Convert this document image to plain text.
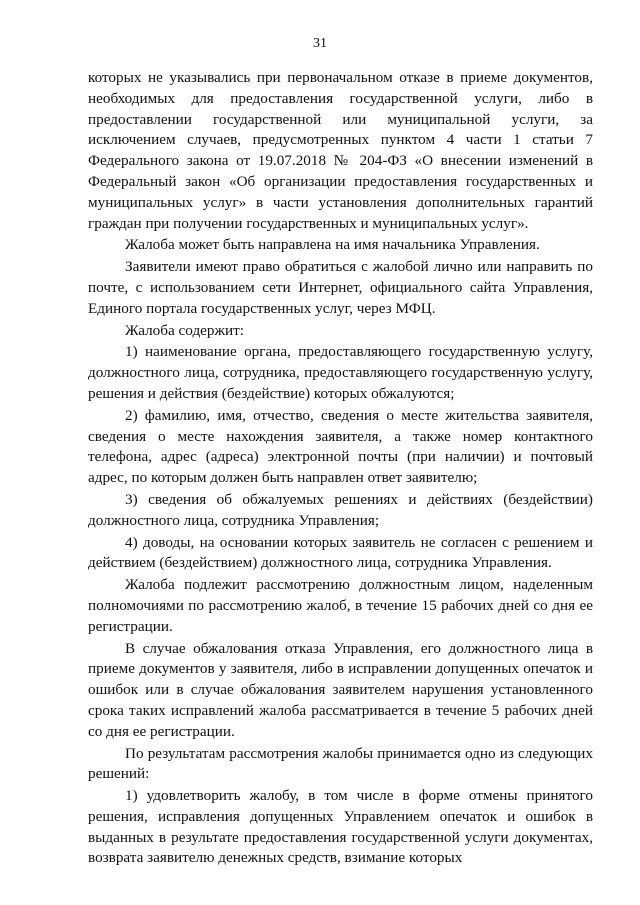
31

которых не указывались при первоначальном отказе в приеме документов, необходимых для предоставления государственной услуги, либо в предоставлении государственной или муниципальной услуги, за исключением случаев, предусмотренных пунктом 4 части 1 статьи 7 Федерального закона от 19.07.2018 № 204-ФЗ «О внесении изменений в Федеральный закон «Об организации предоставления государственных и муниципальных услуг» в части установления дополнительных гарантий граждан при получении государственных и муниципальных услуг».

Жалоба может быть направлена на имя начальника Управления.

Заявители имеют право обратиться с жалобой лично или направить по почте, с использованием сети Интернет, официального сайта Управления, Единого портала государственных услуг, через МФЦ.

Жалоба содержит:

1) наименование органа, предоставляющего государственную услугу, должностного лица, сотрудника, предоставляющего государственную услугу, решения и действия (бездействие) которых обжалуются;

2) фамилию, имя, отчество, сведения о месте жительства заявителя, сведения о месте нахождения заявителя, а также номер контактного телефона, адрес (адреса) электронной почты (при наличии) и почтовый адрес, по которым должен быть направлен ответ заявителю;

3) сведения об обжалуемых решениях и действиях (бездействии) должностного лица, сотрудника Управления;

4) доводы, на основании которых заявитель не согласен с решением и действием (бездействием) должностного лица, сотрудника Управления.

Жалоба подлежит рассмотрению должностным лицом, наделенным полномочиями по рассмотрению жалоб, в течение 15 рабочих дней со дня ее регистрации.

В случае обжалования отказа Управления, его должностного лица в приеме документов у заявителя, либо в исправлении допущенных опечаток и ошибок или в случае обжалования заявителем нарушения установленного срока таких исправлений жалоба рассматривается в течение 5 рабочих дней со дня ее регистрации.

По результатам рассмотрения жалобы принимается одно из следующих решений:

1) удовлетворить жалобу, в том числе в форме отмены принятого решения, исправления допущенных Управлением опечаток и ошибок в выданных в результате предоставления государственной услуги документах, возврата заявителю денежных средств, взимание которых
